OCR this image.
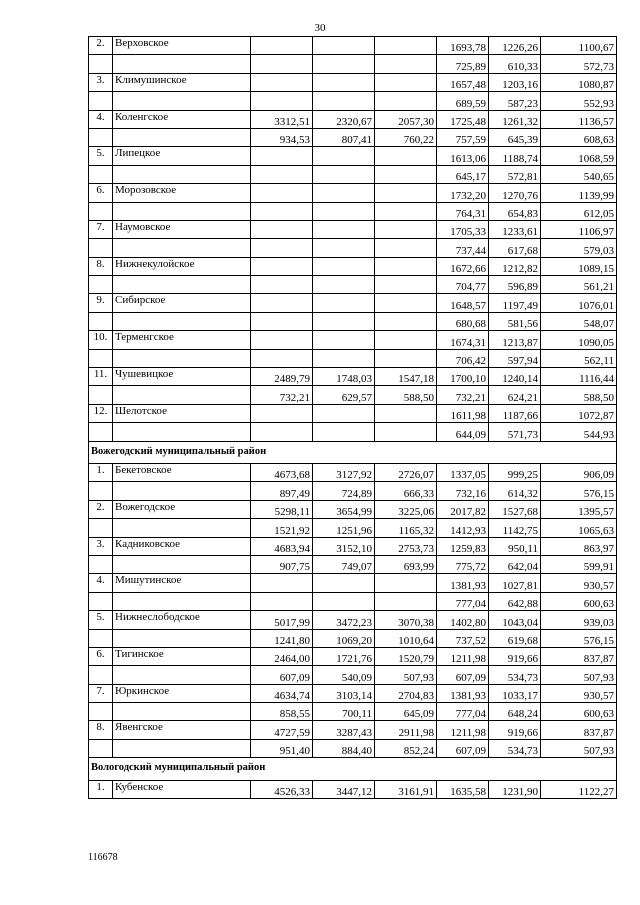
30
2.	Верховское				1693,78	1226,26	1100,67
					725,89	610,33	572,73
3.	Климушинское				1657,48	1203,16	1080,87
					689,59	587,23	552,93
4.	Коленгское	3312,51	2320,67	2057,30	1725,48	1261,32	1136,57
		934,53	807,41	760,22	757,59	645,39	608,63
5.	Липецкое				1613,06	1188,74	1068,59
					645,17	572,81	540,65
6.	Морозовское				1732,20	1270,76	1139,99
					764,31	654,83	612,05
7.	Наумовское				1705,33	1233,61	1106,97
					737,44	617,68	579,03
8.	Нижнекулойское				1672,66	1212,82	1089,15
					704,77	596,89	561,21
9.	Сибирское				1648,57	1197,49	1076,01
					680,68	581,56	548,07
10.	Терменгское				1674,31	1213,87	1090,05
					706,42	597,94	562,11
11.	Чушевицкое	2489,79	1748,03	1547,18	1700,10	1240,14	1116,44
		732,21	629,57	588,50	732,21	624,21	588,50
12.	Шелотское				1611,98	1187,66	1072,87
					644,09	571,73	544,93
Вожегодский муниципальный район							
1.	Бекетовское	4673,68	3127,92	2726,07	1337,05	999,25	906,09
		897,49	724,89	666,33	732,16	614,32	576,15
2.	Вожегодское	5298,11	3654,99	3225,06	2017,82	1527,68	1395,57
		1521,92	1251,96	1165,32	1412,93	1142,75	1065,63
3.	Кадниковское	4683,94	3152,10	2753,73	1259,83	950,11	863,97
		907,75	749,07	693,99	775,72	642,04	599,91
4.	Мишутинское				1381,93	1027,81	930,57
					777,04	642,88	600,63
5.	Нижнеслободское	5017,99	3472,23	3070,38	1402,80	1043,04	939,03
		1241,80	1069,20	1010,64	737,52	619,68	576,15
6.	Тигинское	2464,00	1721,76	1520,79	1211,98	919,66	837,87
		607,09	540,09	507,93	607,09	534,73	507,93
7.	Юркинское	4634,74	3103,14	2704,83	1381,93	1033,17	930,57
		858,55	700,11	645,09	777,04	648,24	600,63
8.	Явенгское	4727,59	3287,43	2911,98	1211,98	919,66	837,87
		951,40	884,40	852,24	607,09	534,73	507,93
Вологодский муниципальный район							
1.	Кубенское	4526,33	3447,12	3161,91	1635,58	1231,90	1122,27
116678
